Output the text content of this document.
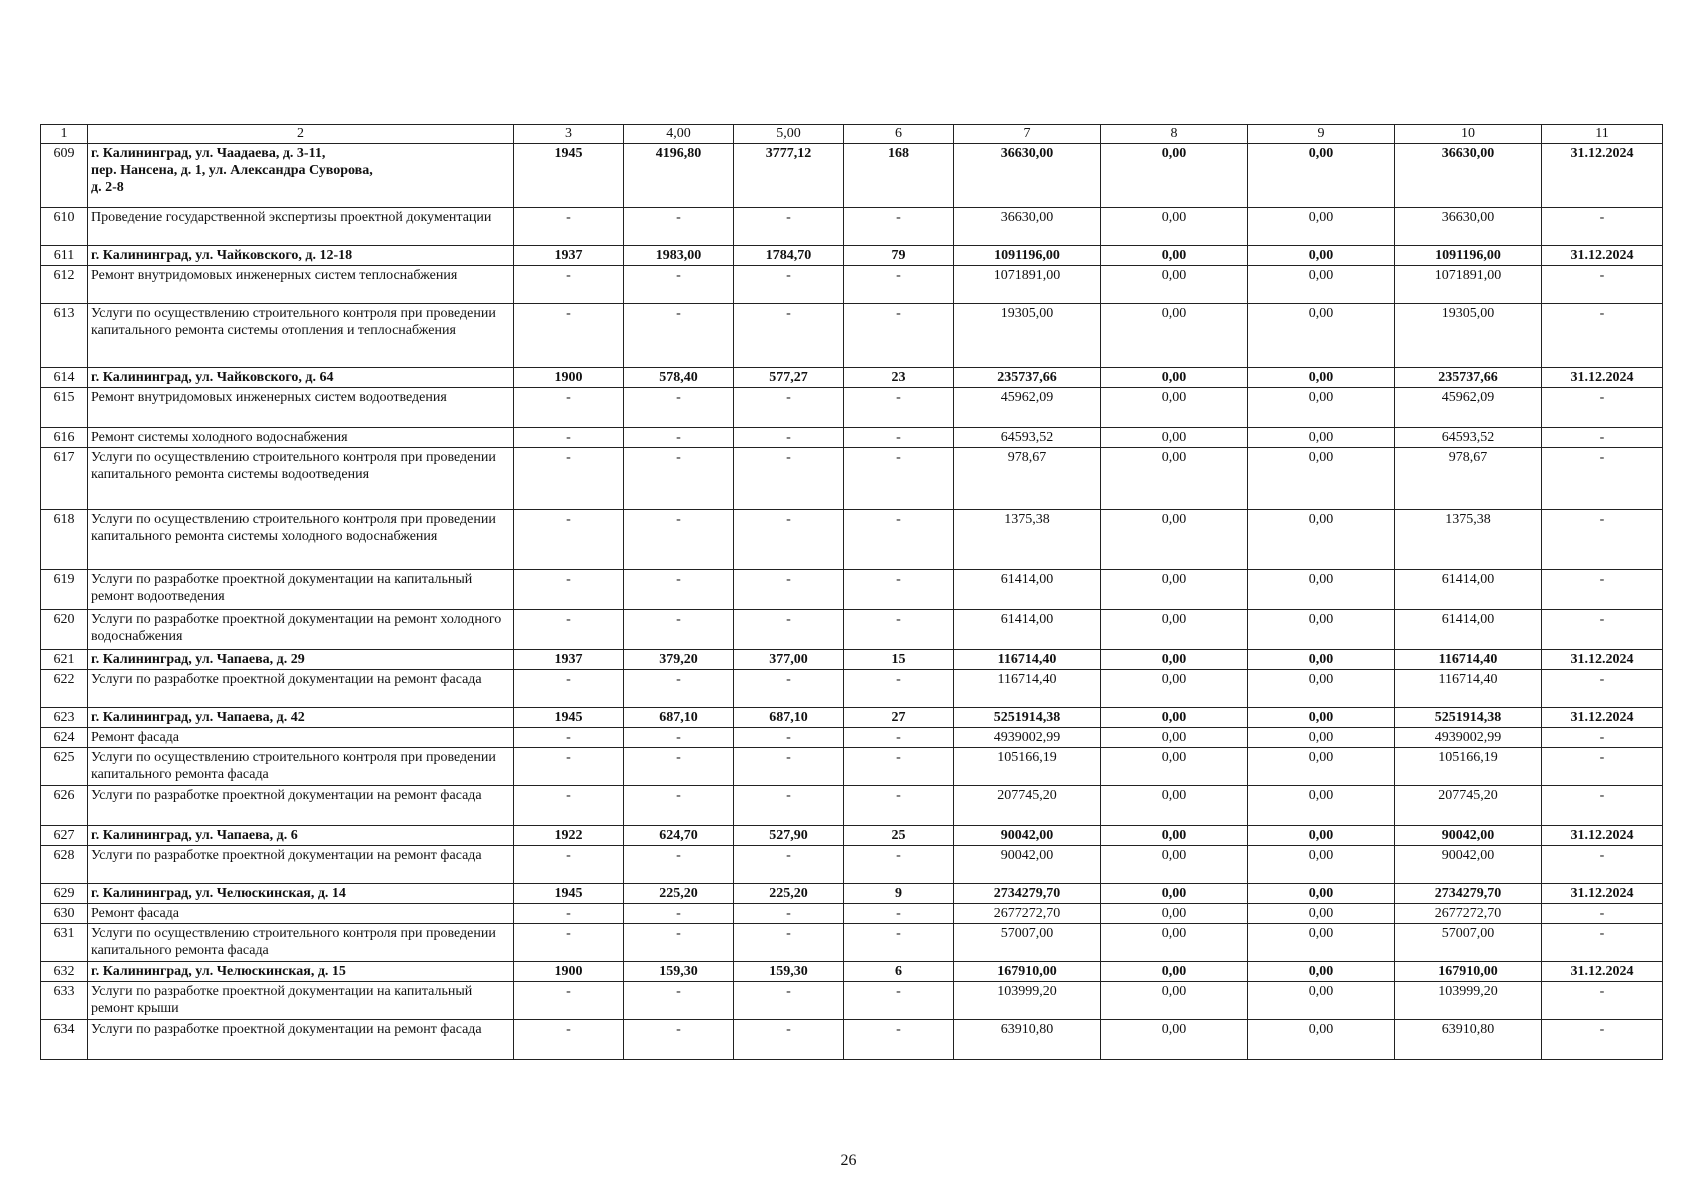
1	2	3	4,00	5,00	6	7	8	9	10	11
609	г. Калининград, ул. Чаадаева, д. 3-11,
пер. Нансена, д. 1, ул. Александра Суворова,
д. 2-8	1945	4196,80	3777,12	168	36630,00	0,00	0,00	36630,00	31.12.2024
610	Проведение государственной экспертизы проектной документации	-	-	-	-	36630,00	0,00	0,00	36630,00	-
611	г. Калининград, ул. Чайковского, д. 12-18	1937	1983,00	1784,70	79	1091196,00	0,00	0,00	1091196,00	31.12.2024
612	Ремонт внутридомовых инженерных систем теплоснабжения	-	-	-	-	1071891,00	0,00	0,00	1071891,00	-
613	Услуги по осуществлению строительного контроля при проведении капитального ремонта системы отопления и теплоснабжения	-	-	-	-	19305,00	0,00	0,00	19305,00	-
614	г. Калининград, ул. Чайковского, д. 64	1900	578,40	577,27	23	235737,66	0,00	0,00	235737,66	31.12.2024
615	Ремонт внутридомовых инженерных систем водоотведения	-	-	-	-	45962,09	0,00	0,00	45962,09	-
616	Ремонт системы холодного водоснабжения	-	-	-	-	64593,52	0,00	0,00	64593,52	-
617	Услуги по осуществлению строительного контроля при проведении капитального ремонта системы водоотведения	-	-	-	-	978,67	0,00	0,00	978,67	-
618	Услуги по осуществлению строительного контроля при проведении капитального ремонта системы холодного водоснабжения	-	-	-	-	1375,38	0,00	0,00	1375,38	-
619	Услуги по разработке проектной документации на капитальный ремонт водоотведения	-	-	-	-	61414,00	0,00	0,00	61414,00	-
620	Услуги по разработке проектной документации на ремонт холодного водоснабжения	-	-	-	-	61414,00	0,00	0,00	61414,00	-
621	г. Калининград, ул. Чапаева, д. 29	1937	379,20	377,00	15	116714,40	0,00	0,00	116714,40	31.12.2024
622	Услуги по разработке проектной документации на ремонт фасада	-	-	-	-	116714,40	0,00	0,00	116714,40	-
623	г. Калининград, ул. Чапаева, д. 42	1945	687,10	687,10	27	5251914,38	0,00	0,00	5251914,38	31.12.2024
624	Ремонт фасада	-	-	-	-	4939002,99	0,00	0,00	4939002,99	-
625	Услуги по осуществлению строительного контроля при проведении капитального ремонта фасада	-	-	-	-	105166,19	0,00	0,00	105166,19	-
626	Услуги по разработке проектной документации на ремонт фасада	-	-	-	-	207745,20	0,00	0,00	207745,20	-
627	г. Калининград, ул. Чапаева, д. 6	1922	624,70	527,90	25	90042,00	0,00	0,00	90042,00	31.12.2024
628	Услуги по разработке проектной документации на ремонт фасада	-	-	-	-	90042,00	0,00	0,00	90042,00	-
629	г. Калининград, ул. Челюскинская, д. 14	1945	225,20	225,20	9	2734279,70	0,00	0,00	2734279,70	31.12.2024
630	Ремонт фасада	-	-	-	-	2677272,70	0,00	0,00	2677272,70	-
631	Услуги по осуществлению строительного контроля при проведении капитального ремонта фасада	-	-	-	-	57007,00	0,00	0,00	57007,00	-
632	г. Калининград, ул. Челюскинская, д. 15	1900	159,30	159,30	6	167910,00	0,00	0,00	167910,00	31.12.2024
633	Услуги по разработке проектной документации на капитальный ремонт крыши	-	-	-	-	103999,20	0,00	0,00	103999,20	-
634	Услуги по разработке проектной документации на ремонт фасада	-	-	-	-	63910,80	0,00	0,00	63910,80	-
26
